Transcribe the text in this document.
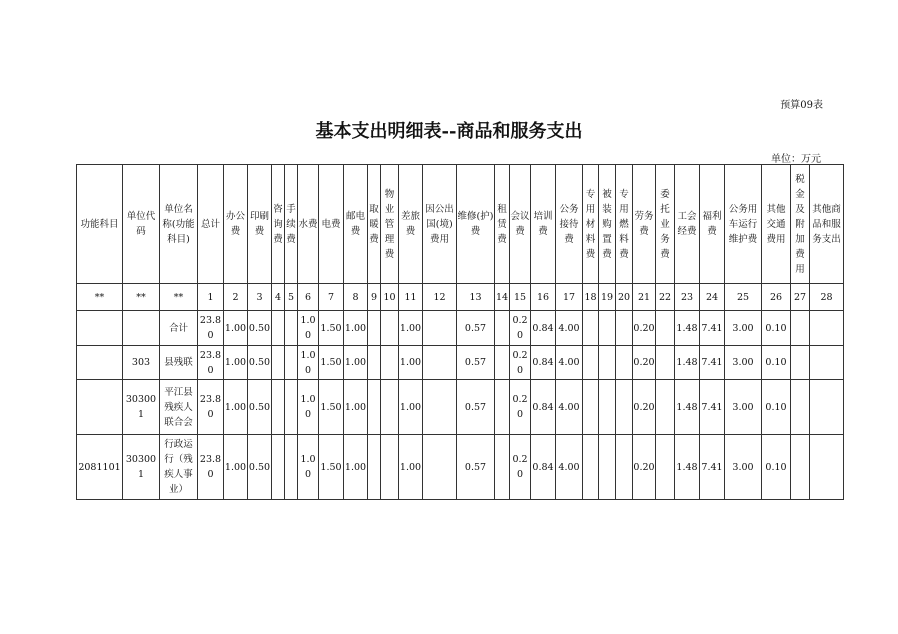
预算09表
基本支出明细表--商品和服务支出
单位：万元
功能科目	单位代码	单位名称(功能科目)	总计	办公费	印刷费	咨询费	手续费	水费	电费	邮电费	取暖费	物业管理费	差旅费	因公出国(境)费用	维修(护)费	租赁费	会议费	培训费	公务接待费	专用材料费	被装购置费	专用燃料费	劳务费	委托业务费	工会经费	福利费	公务用车运行维护费	其他交通费用	税金及附加费用	其他商品和服务支出
**	**	**	1	2	3	4	5	6	7	8	9	10	11	12	13	14	15	16	17	18	19	20	21	22	23	24	25	26	27	28
		合计	23.80	1.00	0.50			1.00	1.50	1.00			1.00		0.57		0.20	0.84	4.00				0.20		1.48	7.41	3.00	0.10		
	303	县残联	23.80	1.00	0.50			1.00	1.50	1.00			1.00		0.57		0.20	0.84	4.00				0.20		1.48	7.41	3.00	0.10		
	303001	平江县残疾人联合会	23.80	1.00	0.50			1.00	1.50	1.00			1.00		0.57		0.20	0.84	4.00				0.20		1.48	7.41	3.00	0.10		
2081101	303001	行政运行（残疾人事业）	23.80	1.00	0.50			1.00	1.50	1.00			1.00		0.57		0.20	0.84	4.00				0.20		1.48	7.41	3.00	0.10		
